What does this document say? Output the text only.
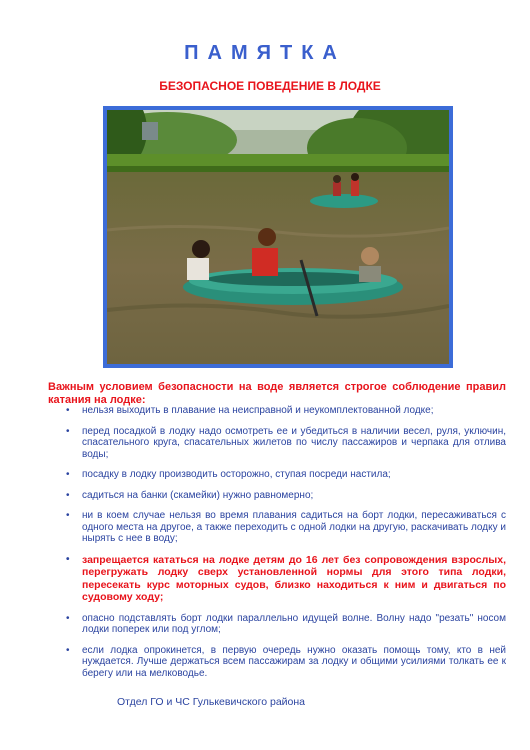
ПАМЯТКА
БЕЗОПАСНОЕ ПОВЕДЕНИЕ В ЛОДКЕ
Важным условием безопасности на воде является строгое соблюдение правил катания на лодке:
• нельзя выходить в плавание на неисправной и неукомплектованной лодке;
• перед посадкой в лодку надо осмотреть ее и убедиться в наличии весел, руля, уключин, спасательного круга, спасательных жилетов по числу пассажиров и черпака для отлива воды;
• посадку в лодку производить осторожно, ступая посреди настила;
• садиться на банки (скамейки) нужно равномерно;
• ни в коем случае нельзя во время плавания садиться на борт лодки, пересаживаться с одного места на другое, а также переходить с одной лодки на другую, раскачивать лодку и нырять с нее в воду;
• запрещается кататься на лодке детям до 16 лет без сопровождения взрослых, перегружать лодку сверх установленной нормы для этого типа лодки, пересекать курс моторных судов, близко находиться к ним и двигаться по судовому ходу;
• опасно подставлять борт лодки параллельно идущей волне. Волну надо "резать" носом лодки поперек или под углом;
• если лодка опрокинется, в первую очередь нужно оказать помощь тому, кто в ней нуждается. Лучше держаться всем пассажирам за лодку и общими усилиями толкать ее к берегу или на мелководье.
Отдел ГО и ЧС Гулькевичского района
